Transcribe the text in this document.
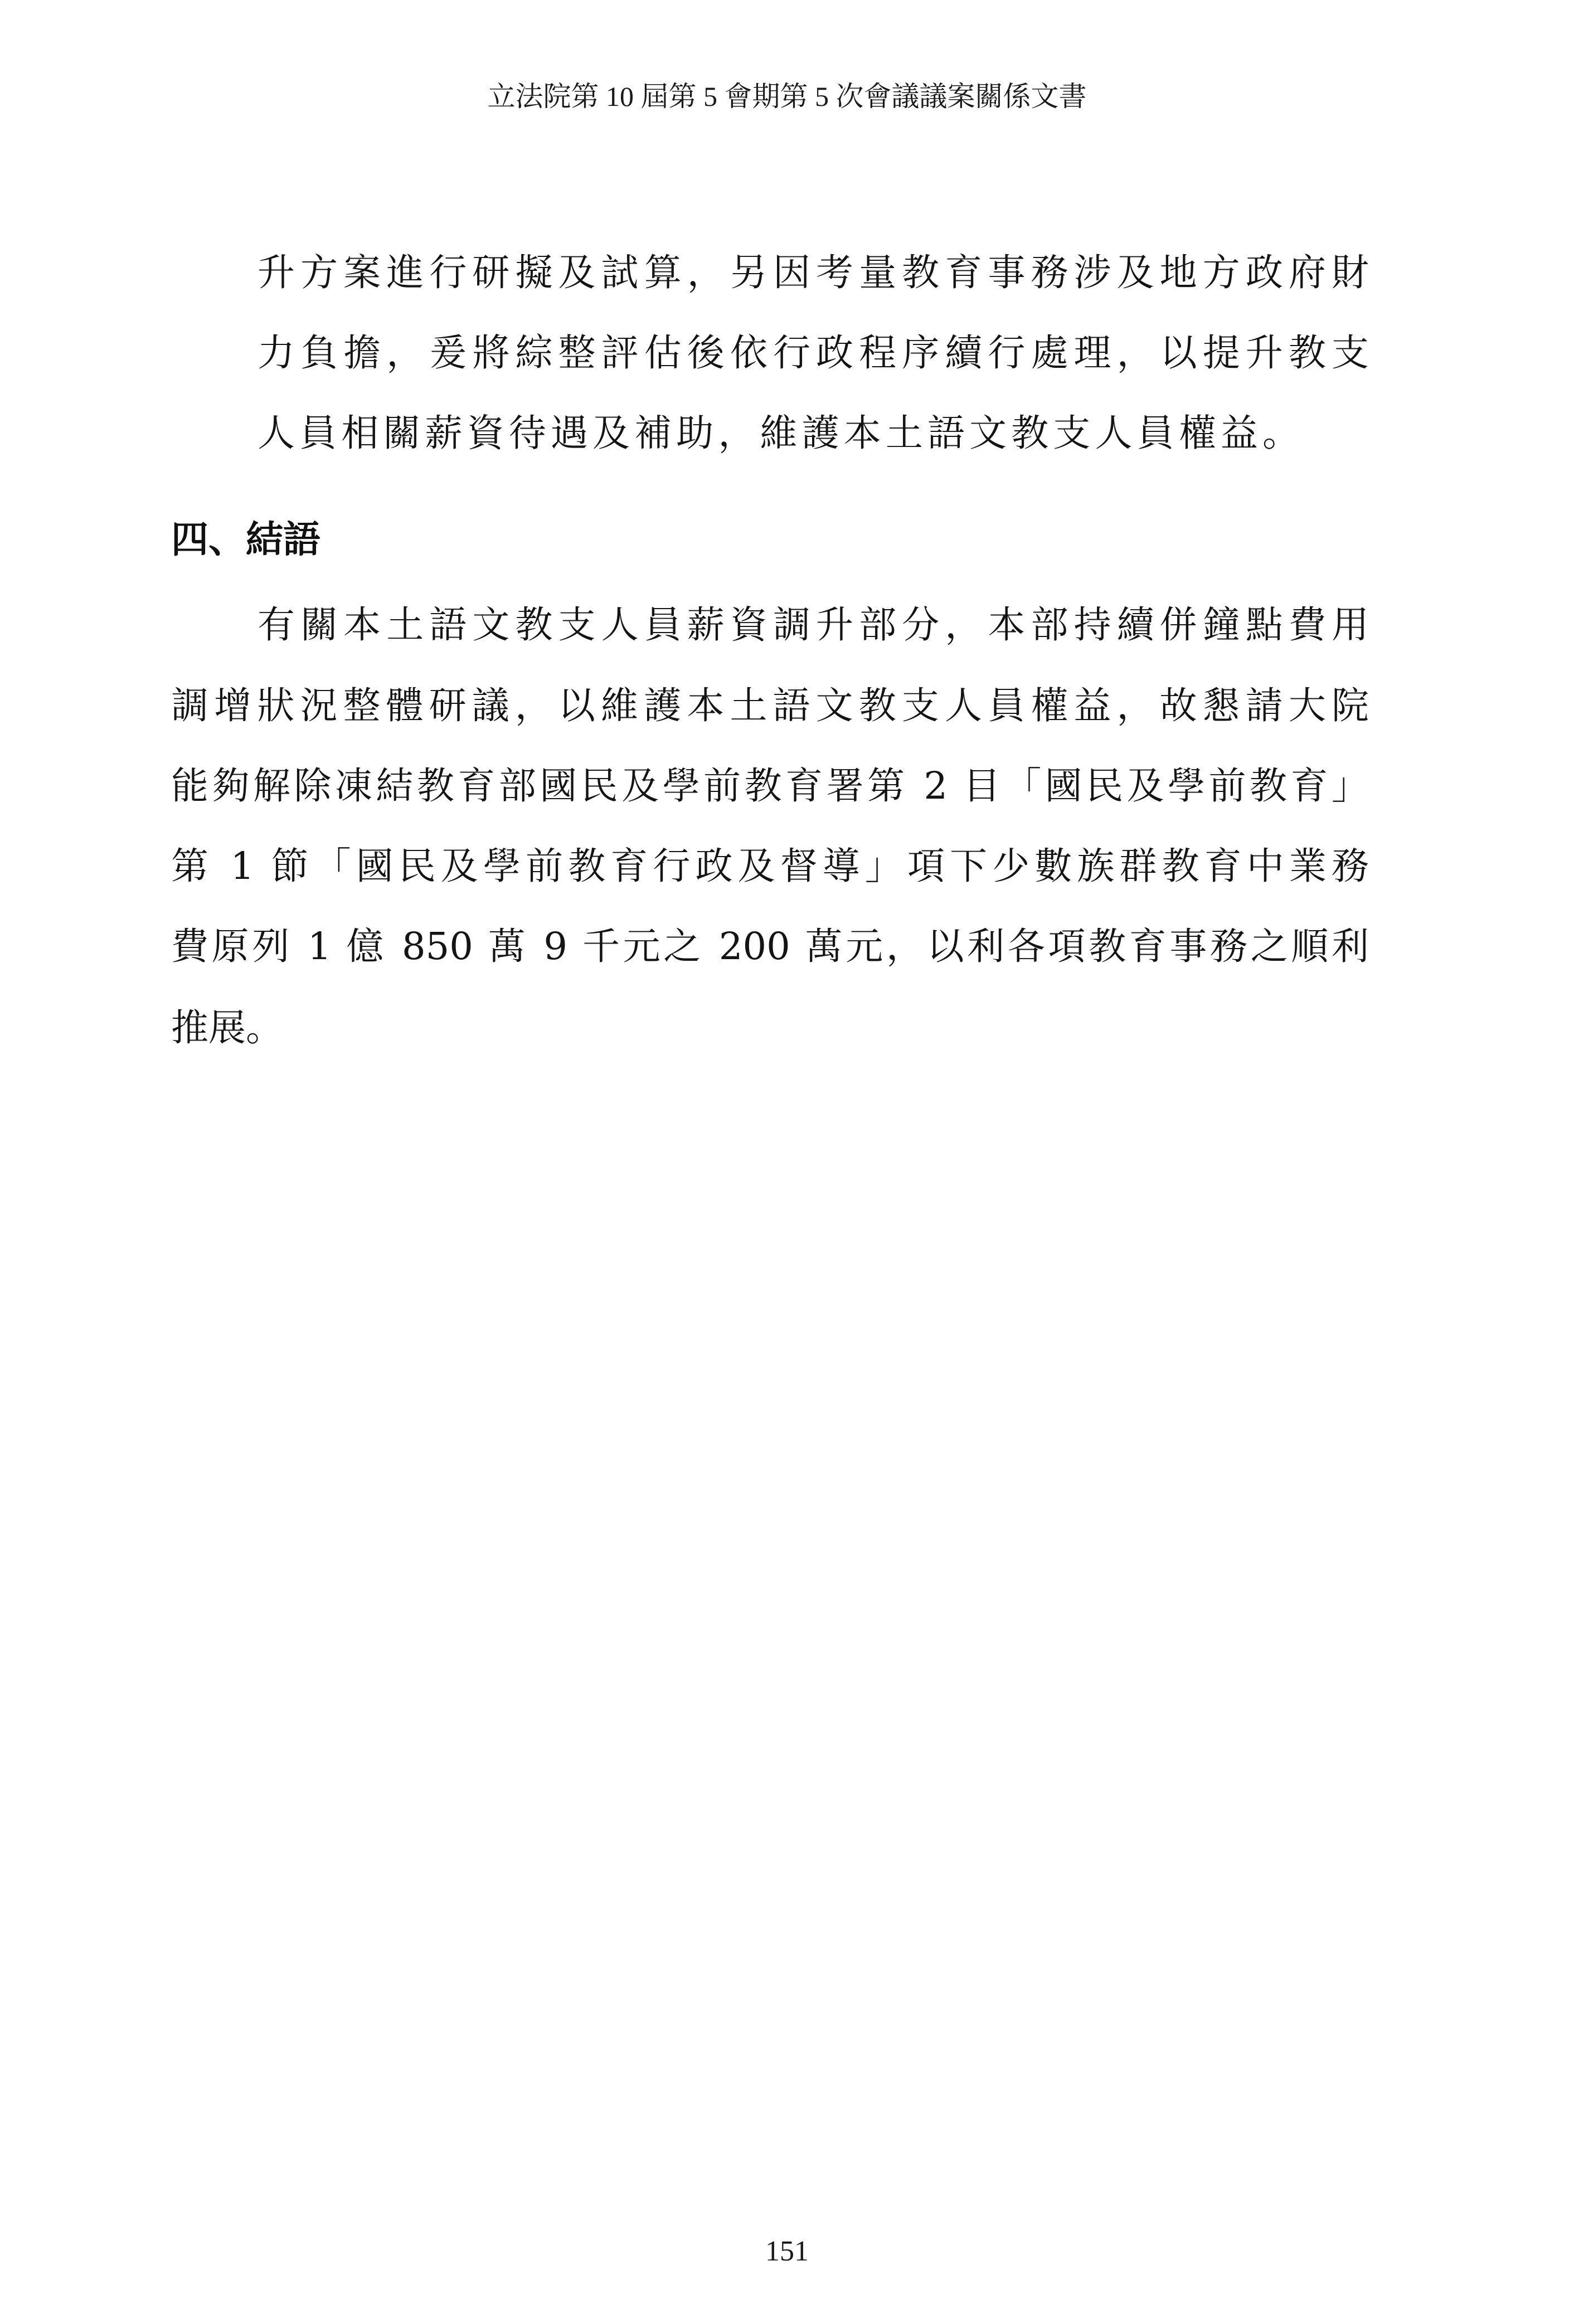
立法院第 10 屆第 5 會期第 5 次會議議案關係文書
升方案進行研擬及試算，另因考量教育事務涉及地方政府財
力負擔，爰將綜整評估後依行政程序續行處理，以提升教支
人員相關薪資待遇及補助，維護本土語文教支人員權益。
四、結語
有關本土語文教支人員薪資調升部分，本部持續併鐘點費用
調增狀況整體研議，以維護本土語文教支人員權益，故懇請大院
能夠解除凍結教育部國民及學前教育署第 2 目「國民及學前教育」
第 1 節「國民及學前教育行政及督導」項下少數族群教育中業務
費原列 1 億 850 萬 9 千元之 200 萬元，以利各項教育事務之順利
推展。
151
